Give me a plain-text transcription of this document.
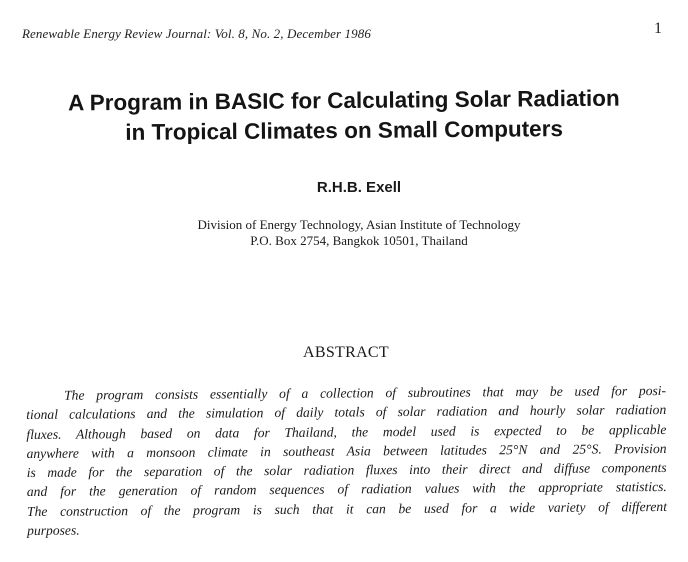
Renewable Energy Review Journal: Vol. 8, No. 2, December 1986	1
A Program in BASIC for Calculating Solar Radiation
in Tropical Climates on Small Computers
R.H.B. Exell
Division of Energy Technology, Asian Institute of Technology
P.O. Box 2754, Bangkok 10501, Thailand
ABSTRACT
The program consists essentially of a collection of subroutines that may be used for posi-
tional calculations and the simulation of daily totals of solar radiation and hourly solar radiation
fluxes. Although based on data for Thailand, the model used is expected to be applicable
anywhere with a monsoon climate in southeast Asia between latitudes 25°N and 25°S. Provision
is made for the separation of the solar radiation fluxes into their direct and diffuse components
and for the generation of random sequences of radiation values with the appropriate statistics.
The construction of the program is such that it can be used for a wide variety of different
purposes.
